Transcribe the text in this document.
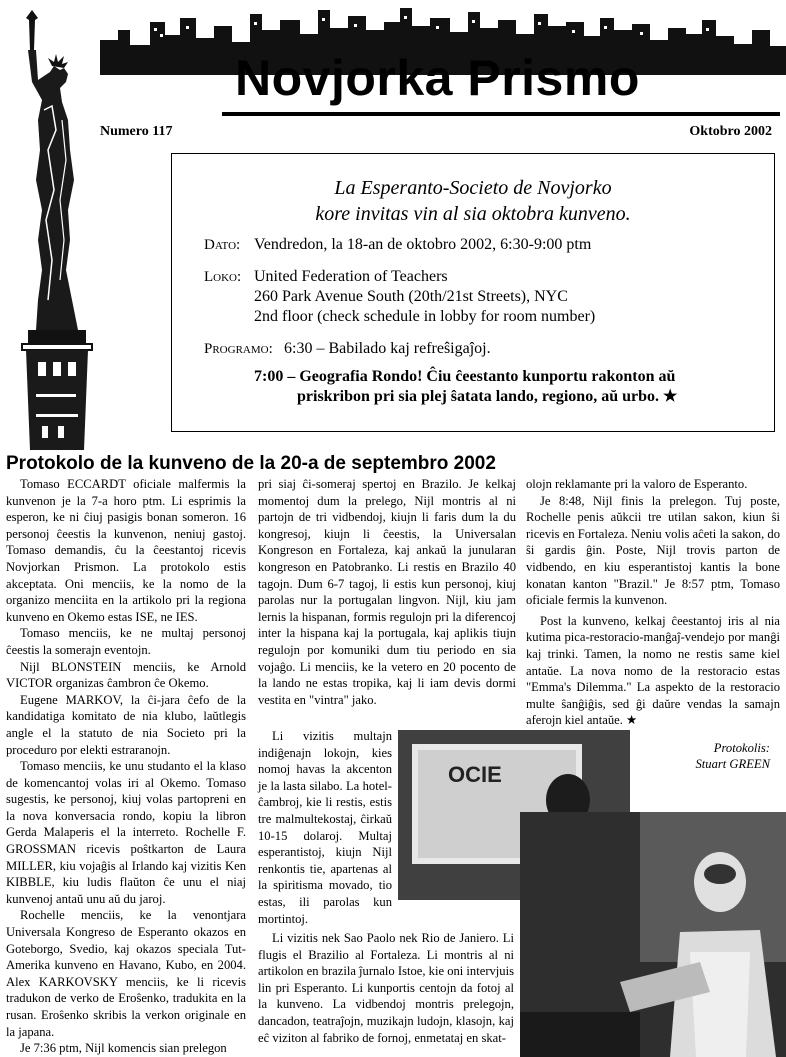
Novjorka Prismo
Numero 117	Oktobro 2002
La Esperanto-Societo de Novjorko
kore invitas vin al sia oktobra kunveno.
Dato: Vendredon, la 18-an de oktobro 2002, 6:30-9:00 ptm
Loko: United Federation of Teachers
260 Park Avenue South (20th/21st Streets), NYC
2nd floor (check schedule in lobby for room number)
Programo: 6:30 – Babilado kaj refreŝigaĵoj.
7:00 – Geografia Rondo! Ĉiu ĉeestanto kunportu rakonton aŭ
priskribon pri sia plej ŝatata lando, regiono, aŭ urbo. ★
Protokolo de la kunveno de la 20-a de septembro 2002

Tomaso ECCARDT oficiale malfermis la kunvenon je la 7-a horo ptm. Li esprimis la esperon, ke ni ĉiuj pasigis bonan someron. 16 personoj ĉeestis la kunvenon, neniuj gastoj. Tomaso demandis, ĉu la ĉeestantoj ricevis Novjorkan Prismon. La protokolo estis akceptata. Oni menciis, ke la nomo de la organizo menciita en la artikolo pri la regiona kunveno en Okemo estas ISE, ne IES.

Tomaso menciis, ke ne multaj personoj ĉeestis la somerajn eventojn.

Nijl BLONSTEIN menciis, ke Arnold VICTOR organizas ĉambron ĉe Okemo.

Eugene MARKOV, la ĉi-jara ĉefo de la kandidatiga komitato de nia klubo, laŭtlegis angle el la statuto de nia Societo pri la proceduro por elekti estraranojn.

Tomaso menciis, ke unu studanto el la klaso de komencantoj volas iri al Okemo. Tomaso sugestis, ke personoj, kiuj volas partopreni en la nova konversacia rondo, kopiu la libron Gerda Malaperis el la interreto. Rochelle F. GROSSMAN ricevis poŝtkarton de Laura MILLER, kiu vojaĝis al Irlando kaj vizitis Ken KIBBLE, kiu ludis flaŭton ĉe unu el niaj kunvenoj antaŭ unu aŭ du jaroj.

Rochelle menciis, ke la venontjara Universala Kongreso de Esperanto okazos en Goteborgo, Svedio, kaj okazos speciala Tut-Amerika kunveno en Havano, Kubo, en 2004. Alex KARKOVSKY menciis, ke li ricevis tradukon de verko de Eroŝenko, tradukita en la rusan. Eroŝenko skribis la verkon originale en la japana.

Je 7:36 ptm, Nijl komencis sian prelegon

pri siaj ĉi-someraj spertoj en Brazilo. Je kelkaj momentoj dum la prelego, Nijl montris al ni partojn de tri vidbendoj, kiujn li faris dum la du kongresoj, kiujn li ĉeestis, la Universalan Kongreson en Fortaleza, kaj ankaŭ la junularan kongreson en Patobranko. Li restis en Brazilo 40 tagojn. Dum 6-7 tagoj, li estis kun personoj, kiuj parolas nur la portugalan lingvon. Nijl, kiu jam lernis la hispanan, formis regulojn pri la diferencoj inter la hispana kaj la portugala, kaj aplikis tiujn regulojn por komuniki dum tiu periodo en sia vojaĝo. Li menciis, ke la vetero en 20 pocento de la lando ne estas tropika, kaj li iam devis dormi vestita en "vintra" jako.

Li vizitis multajn indiĝenajn lokojn, kies nomoj havas la akcenton je la lasta silabo. La hotel-ĉambroj, kie li restis, estis tre malmultekostaj, ĉirkaŭ 10-15 dolaroj. Multaj esperantistoj, kiujn Nijl renkontis tie, apartenas al la spiritisma movado, tio estas, ili parolas kun mortintoj.

Li vizitis nek Sao Paolo nek Rio de Janiero. Li flugis el Brazilio al Fortaleza. Li montris al ni artikolon en brazila ĵurnalo Istoe, kie oni intervjuis lin pri Esperanto. Li kunportis centojn da fotoj al la kunveno. La vidbendoj montris prelegojn, dancadon, teatraĵojn, muzikajn ludojn, klasojn, kaj eĉ viziton al fabriko de fornoj, enmetataj en skat-

olojn reklamante pri la valoro de Esperanto.

Je 8:48, Nijl finis la prelegon. Tuj poste, Rochelle penis aŭkcii tre utilan sakon, kiun ŝi ricevis en Fortaleza. Neniu volis aĉeti la sakon, do ŝi gardis ĝin. Poste, Nijl trovis parton de vidbendo, en kiu esperantistoj kantis la bone konatan kanton "Brazil." Je 8:57 ptm, Tomaso oficiale fermis la kunvenon.

Post la kunveno, kelkaj ĉeestantoj iris al nia kutima pica-restoracio-manĝaĵ-vendejo por manĝi kaj trinki. Tamen, la nomo ne restis same kiel antaŭe. La nova nomo de la restoracio estas "Emma's Dilemma." La aspekto de la restoracio multe ŝanĝiĝis, sed ĝi daŭre vendas la samajn aferojn kiel antaŭe. ★

Protokolis:
Stuart GREEN
OCIE
